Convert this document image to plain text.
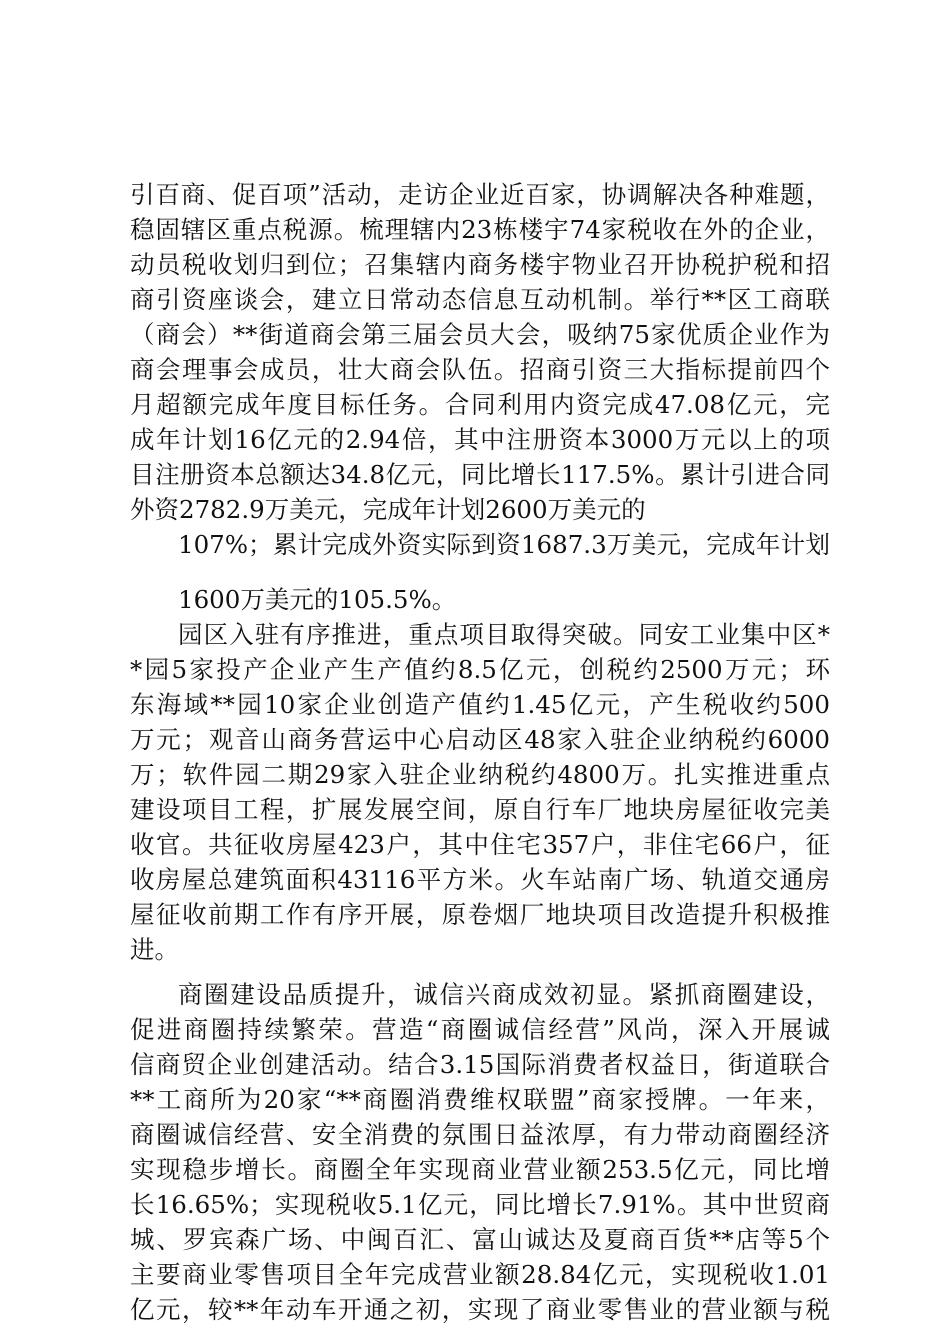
引百商、促百项”活动，走访企业近百家，协调解决各种难题，
稳固辖区重点税源。梳理辖内23栋楼宇74家税收在外的企业，
动员税收划归到位；召集辖内商务楼宇物业召开协税护税和招
商引资座谈会，建立日常动态信息互动机制。举行**区工商联
（商会）**街道商会第三届会员大会，吸纳75家优质企业作为
商会理事会成员，壮大商会队伍。招商引资三大指标提前四个
月超额完成年度目标任务。合同利用内资完成47.08亿元，完
成年计划16亿元的2.94倍，其中注册资本3000万元以上的项
目注册资本总额达34.8亿元，同比增长117.5%。累计引进合同
外资2782.9万美元，完成年计划2600万美元的
107%；累计完成外资实际到资1687.3万美元，完成年计划
1600万美元的105.5%。
园区入驻有序推进，重点项目取得突破。同安工业集中区*
*园5家投产企业产生产值约8.5亿元，创税约2500万元；环
东海域**园10家企业创造产值约1.45亿元，产生税收约500
万元；观音山商务营运中心启动区48家入驻企业纳税约6000
万；软件园二期29家入驻企业纳税约4800万。扎实推进重点
建设项目工程，扩展发展空间，原自行车厂地块房屋征收完美
收官。共征收房屋423户，其中住宅357户，非住宅66户，征
收房屋总建筑面积43116平方米。火车站南广场、轨道交通房
屋征收前期工作有序开展，原卷烟厂地块项目改造提升积极推
进。
商圈建设品质提升，诚信兴商成效初显。紧抓商圈建设，
促进商圈持续繁荣。营造“商圈诚信经营”风尚，深入开展诚
信商贸企业创建活动。结合3.15国际消费者权益日，街道联合
**工商所为20家“**商圈消费维权联盟”商家授牌。一年来，
商圈诚信经营、安全消费的氛围日益浓厚，有力带动商圈经济
实现稳步增长。商圈全年实现商业营业额253.5亿元，同比增
长16.65%；实现税收5.1亿元，同比增长7.91%。其中世贸商
城、罗宾森广场、中闽百汇、富山诚达及夏商百货**店等5个
主要商业零售项目全年完成营业额28.84亿元，实现税收1.01
亿元，较**年动车开通之初，实现了商业零售业的营业额与税
